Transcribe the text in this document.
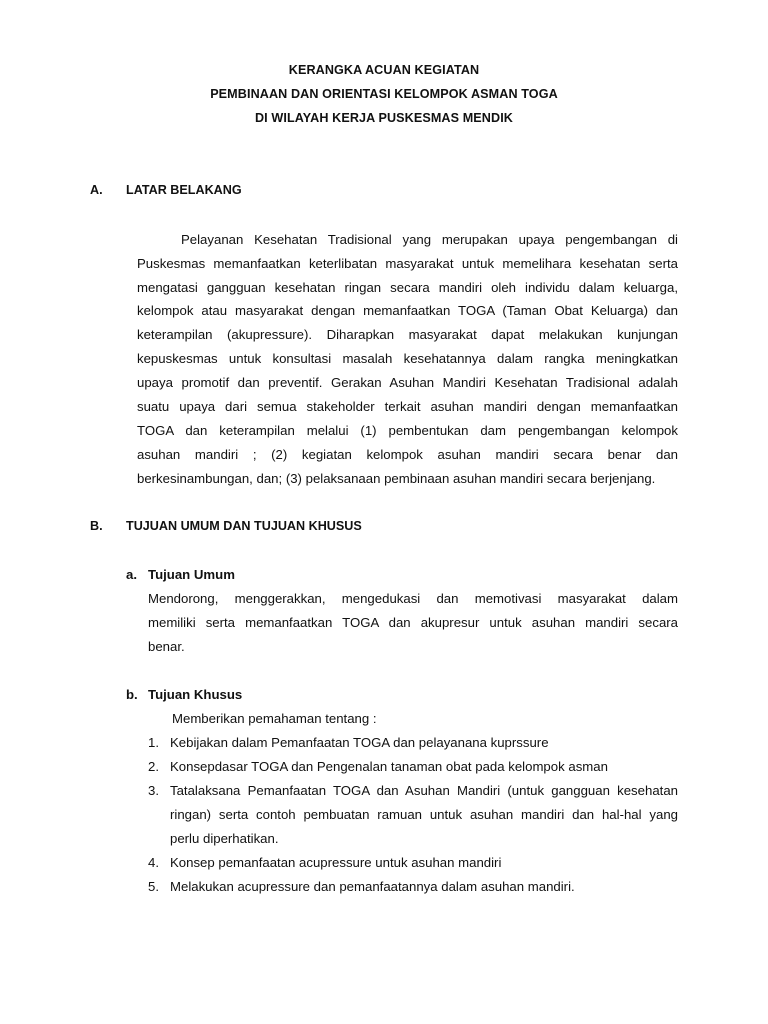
KERANGKA ACUAN KEGIATAN
PEMBINAAN DAN ORIENTASI KELOMPOK ASMAN TOGA
DI WILAYAH KERJA PUSKESMAS MENDIK
A. LATAR BELAKANG
Pelayanan Kesehatan Tradisional yang merupakan upaya pengembangan di
Puskesmas memanfaatkan keterlibatan masyarakat untuk memelihara kesehatan serta
mengatasi gangguan kesehatan ringan secara mandiri oleh individu dalam keluarga,
kelompok atau masyarakat dengan memanfaatkan TOGA (Taman Obat Keluarga) dan
keterampilan (akupressure). Diharapkan masyarakat dapat melakukan kunjungan
kepuskesmas untuk konsultasi masalah kesehatannya dalam rangka meningkatkan
upaya promotif dan preventif. Gerakan Asuhan Mandiri Kesehatan Tradisional adalah
suatu upaya dari semua stakeholder terkait asuhan mandiri dengan memanfaatkan
TOGA dan keterampilan melalui (1) pembentukan dam pengembangan kelompok
asuhan mandiri ; (2) kegiatan kelompok asuhan mandiri secara benar dan
berkesinambungan, dan; (3) pelaksanaan pembinaan asuhan mandiri secara berjenjang.
B. TUJUAN UMUM DAN TUJUAN KHUSUS
a. Tujuan Umum
Mendorong, menggerakkan, mengedukasi dan memotivasi masyarakat dalam
memiliki serta memanfaatkan TOGA dan akupresur untuk asuhan mandiri secara
benar.
b. Tujuan Khusus
Memberikan pemahaman tentang :
1. Kebijakan dalam Pemanfaatan TOGA dan pelayanana kuprssure
2. Konsepdasar TOGA dan Pengenalan tanaman obat pada kelompok asman
3. Tatalaksana Pemanfaatan TOGA dan Asuhan Mandiri (untuk gangguan kesehatan
ringan) serta contoh pembuatan ramuan untuk asuhan mandiri dan hal-hal yang
perlu diperhatikan.
4. Konsep pemanfaatan acupressure untuk asuhan mandiri
5. Melakukan acupressure dan pemanfaatannya dalam asuhan mandiri.
